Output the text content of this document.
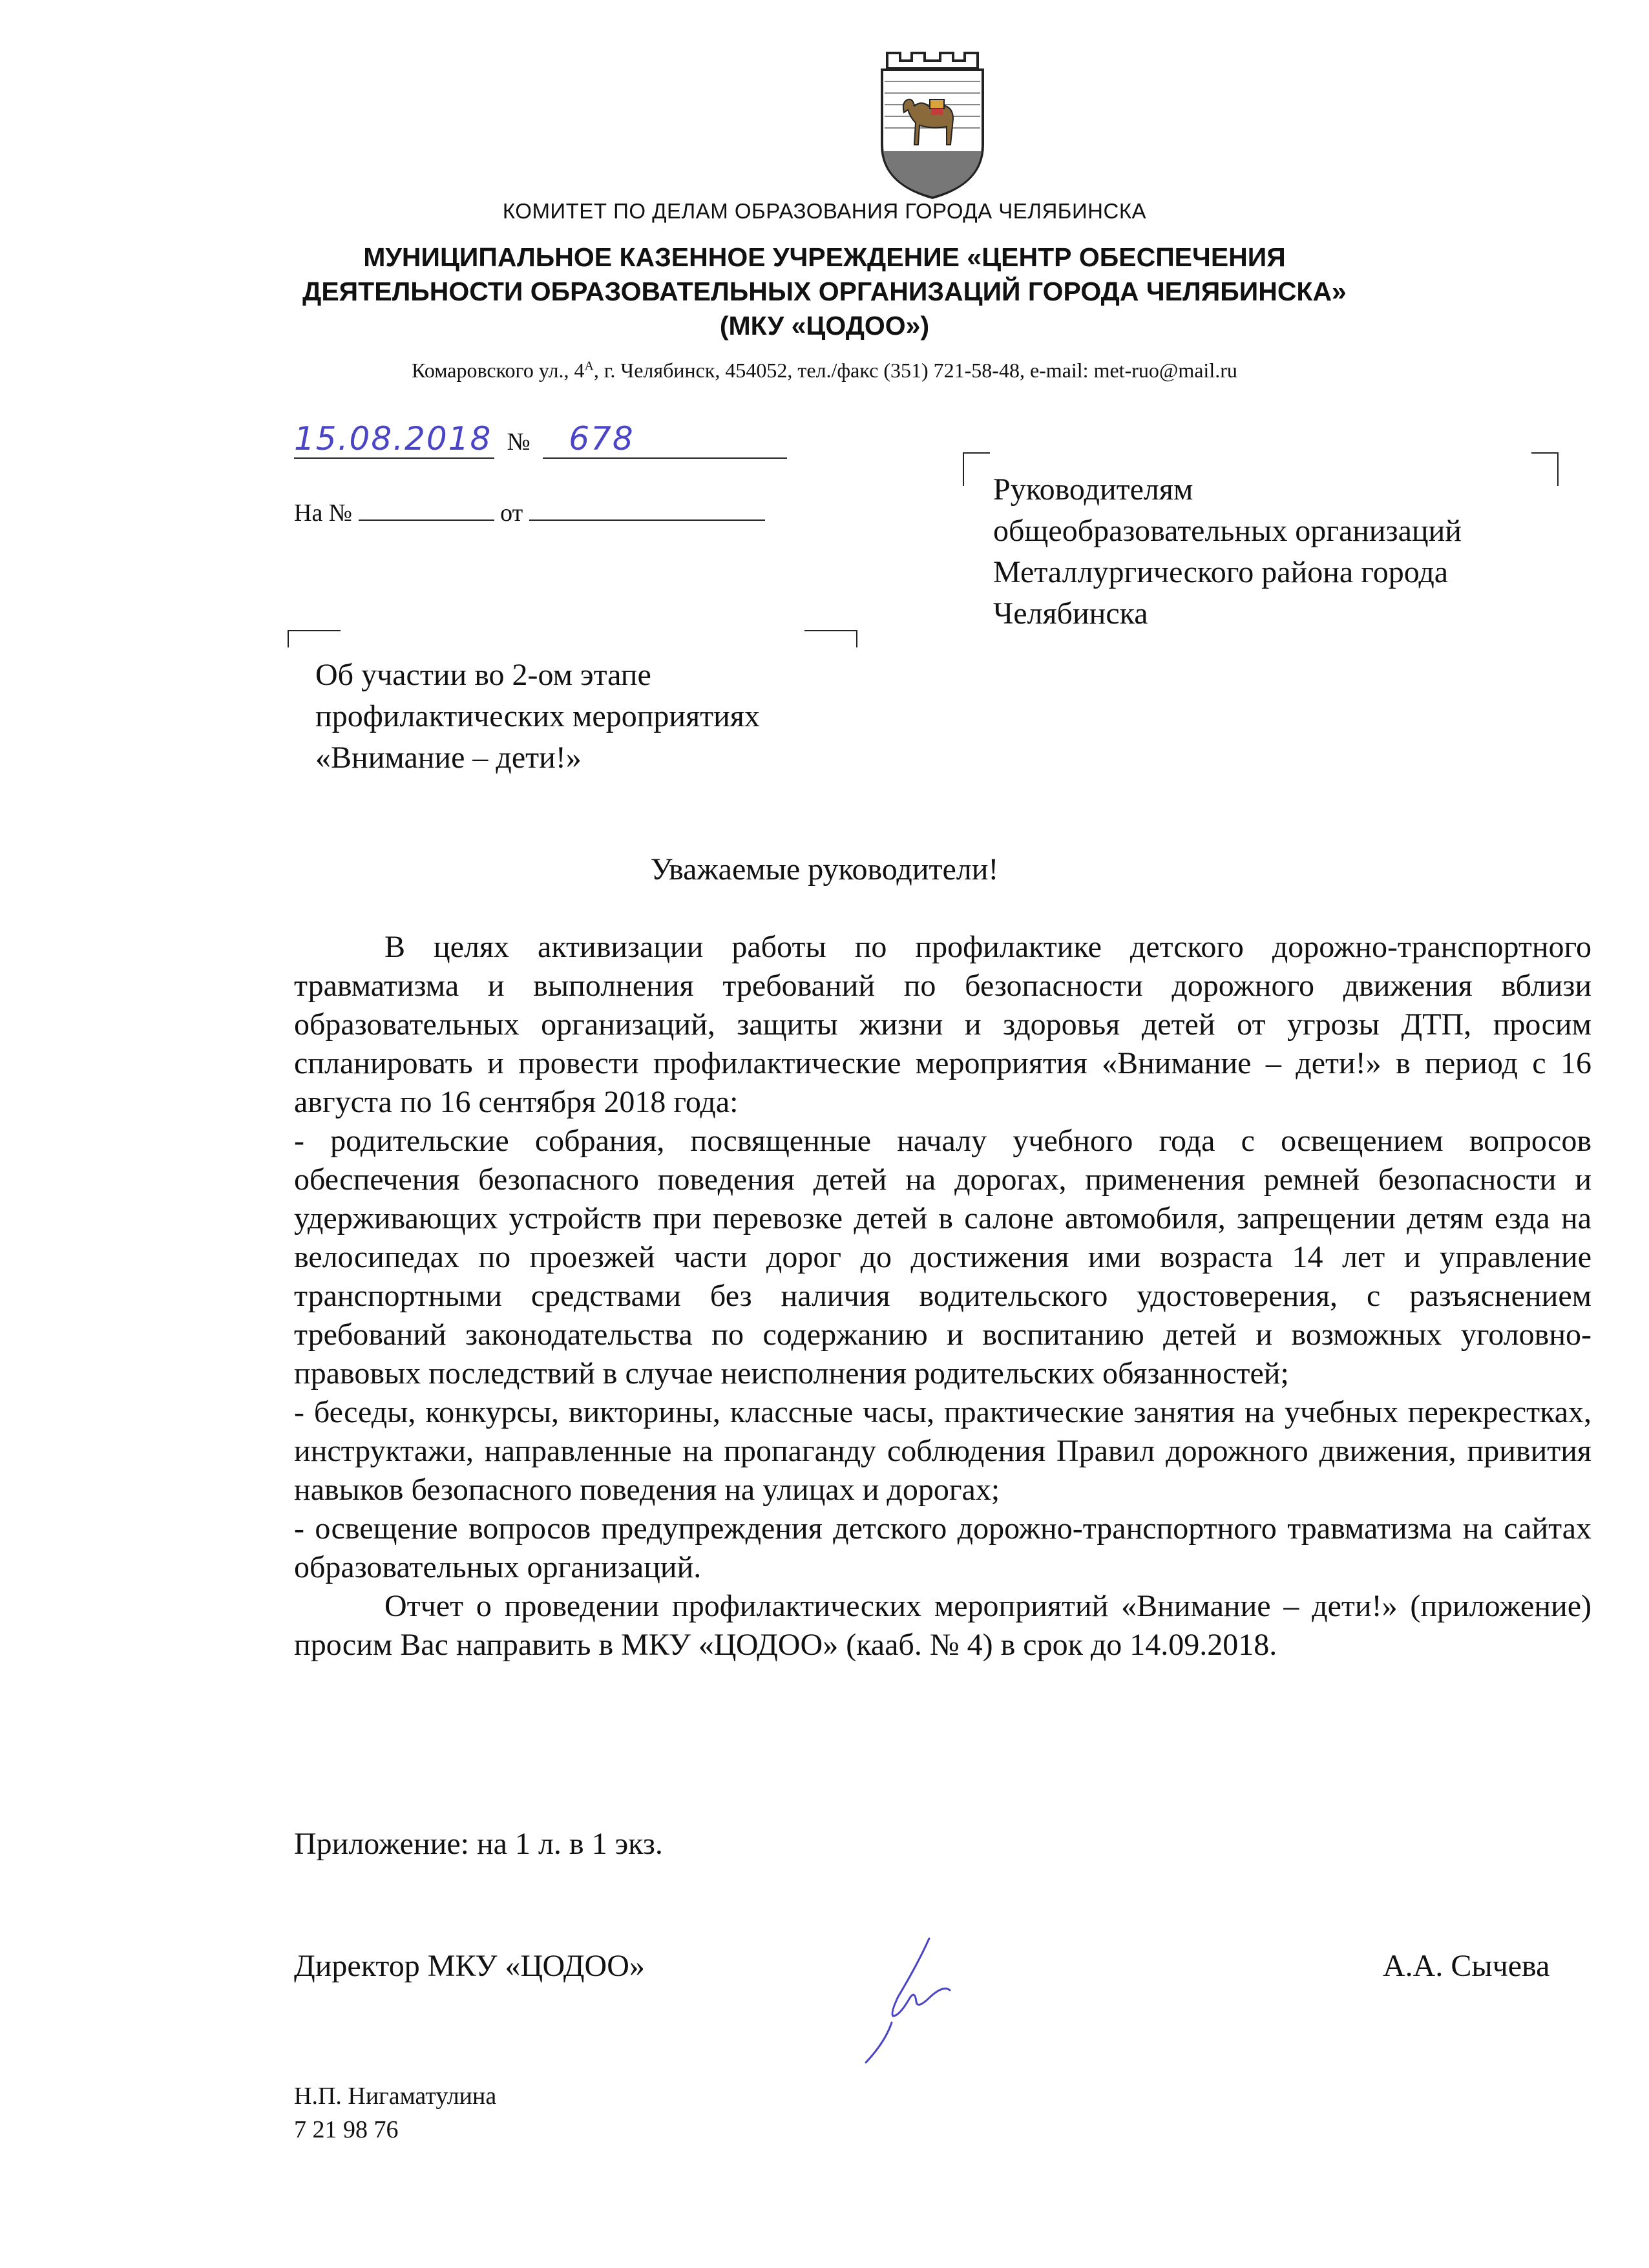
КОМИТЕТ ПО ДЕЛАМ ОБРАЗОВАНИЯ ГОРОДА ЧЕЛЯБИНСКА
МУНИЦИПАЛЬНОЕ КАЗЕННОЕ УЧРЕЖДЕНИЕ «ЦЕНТР ОБЕСПЕЧЕНИЯ
ДЕЯТЕЛЬНОСТИ ОБРАЗОВАТЕЛЬНЫХ ОРГАНИЗАЦИЙ ГОРОДА ЧЕЛЯБИНСКА»
(МКУ «ЦОДОО»)
Комаровского ул., $4^А$, г. Челябинск, 454052, тел./факс (351) 721-58-48, e-mail: met-ruo@mail.ru
15.08.2018 № 678
На №	от
Руководителям
общеобразовательных организаций
Металлургического района города
Челябинска
Об участии во 2-ом этапе
профилактических мероприятиях
«Внимание – дети!»
Уважаемые руководители!

В целях активизации работы по профилактике детского дорожно-транспортного травматизма и выполнения требований по безопасности дорожного движения вблизи образовательных организаций, защиты жизни и здоровья детей от угрозы ДТП, просим спланировать и провести профилактические мероприятия «Внимание – дети!» в период с 16 августа по 16 сентября 2018 года:

- родительские собрания, посвященные началу учебного года с освещением вопросов обеспечения безопасного поведения детей на дорогах, применения ремней безопасности и удерживающих устройств при перевозке детей в салоне автомобиля, запрещении детям езда на велосипедах по проезжей части дорог до достижения ими возраста 14 лет и управление транспортными средствами без наличия водительского удостоверения, с разъяснением требований законодательства по содержанию и воспитанию детей и возможных уголовно-правовых последствий в случае неисполнения родительских обязанностей;

- беседы, конкурсы, викторины, классные часы, практические занятия на учебных перекрестках, инструктажи, направленные на пропаганду соблюдения Правил дорожного движения, привития навыков безопасного поведения на улицах и дорогах;

- освещение вопросов предупреждения детского дорожно-транспортного травматизма на сайтах образовательных организаций.

Отчет о проведении профилактических мероприятий «Внимание – дети!» (приложение) просим Вас направить в МКУ «ЦОДОО» (кааб. № 4) в срок до 14.09.2018.

Приложение: на 1 л. в 1 экз.
Директор МКУ «ЦОДОО»	А.А. Сычева
Н.П. Нигаматулина
7 21 98 76
